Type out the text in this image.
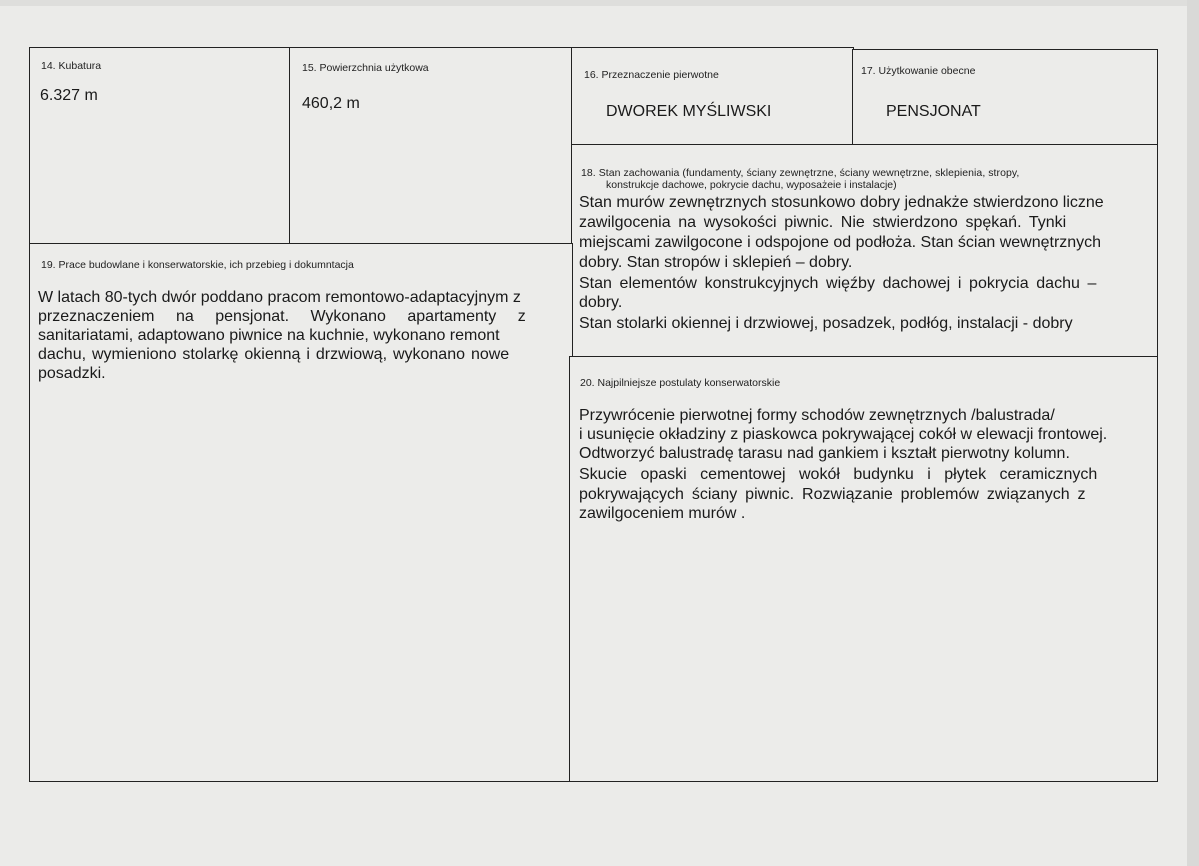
14. Kubatura
6.327 m
15. Powierzchnia użytkowa
460,2 m
16. Przeznaczenie pierwotne
DWOREK MYŚLIWSKI
17. Użytkowanie obecne
PENSJONAT
18. Stan zachowania (fundamenty, ściany zewnętrzne, ściany wewnętrzne, sklepienia, stropy,
konstrukcje dachowe, pokrycie dachu, wyposażeie i instalacje)
Stan murów zewnętrznych stosunkowo dobry jednakże stwierdzono liczne
zawilgocenia na wysokości piwnic. Nie stwierdzono spękań. Tynki
miejscami zawilgocone i odspojone od podłoża. Stan ścian wewnętrznych
dobry. Stan stropów i sklepień – dobry.
Stan elementów konstrukcyjnych więźby dachowej i pokrycia dachu –
dobry.
Stan stolarki okiennej i drzwiowej, posadzek, podłóg, instalacji - dobry
19. Prace budowlane i konserwatorskie, ich przebieg i dokumntacja
W latach 80-tych dwór poddano pracom remontowo-adaptacyjnym z
przeznaczeniem na pensjonat. Wykonano apartamenty z
sanitariatami, adaptowano piwnice na kuchnie, wykonano remont
dachu, wymieniono stolarkę okienną i drzwiową, wykonano nowe
posadzki.
20. Najpilniejsze postulaty konserwatorskie
Przywrócenie pierwotnej formy schodów zewnętrznych /balustrada/
i usunięcie okładziny z piaskowca pokrywającej cokół w elewacji frontowej.
Odtworzyć balustradę tarasu nad gankiem i kształt pierwotny kolumn.
Skucie opaski cementowej wokół budynku i płytek ceramicznych
pokrywających ściany piwnic. Rozwiązanie problemów związanych z
zawilgoceniem murów .
